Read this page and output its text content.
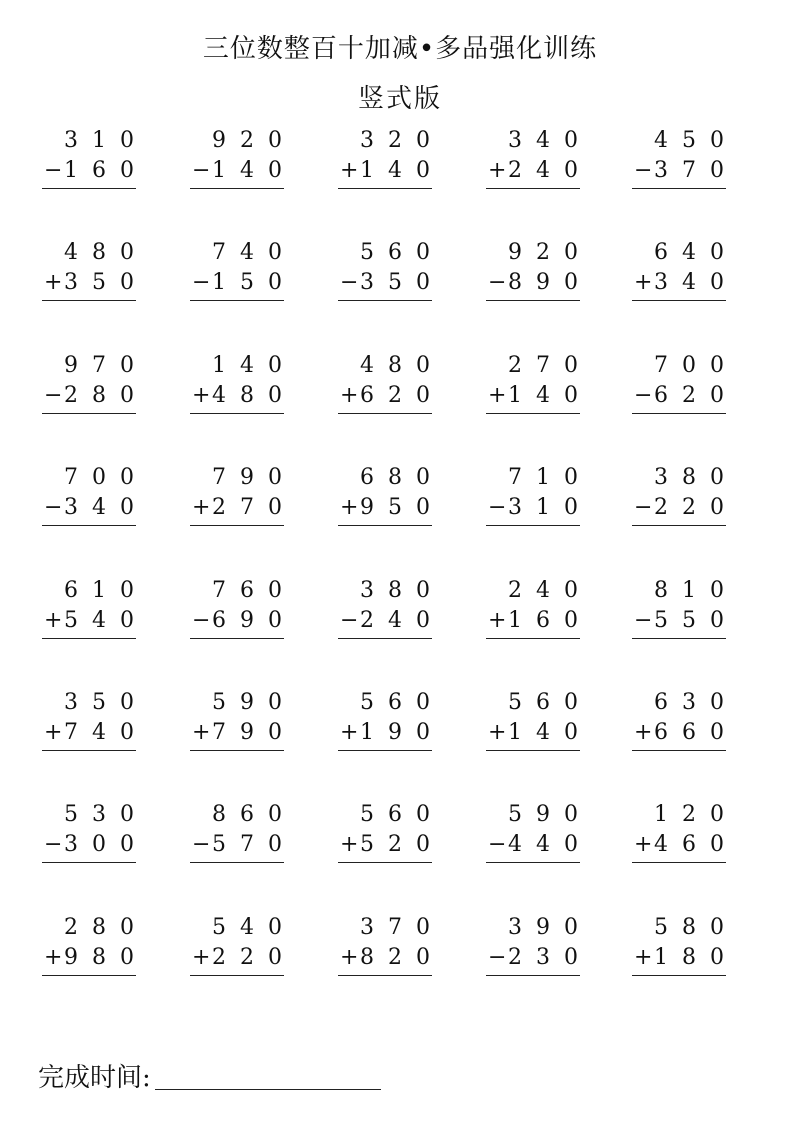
三位数整百十加减•多品强化训练
竖式版
3 1 0
− 1 6 0
9 2 0
− 1 4 0
3 2 0
+ 1 4 0
3 4 0
+ 2 4 0
4 5 0
− 3 7 0
4 8 0
+ 3 5 0
7 4 0
− 1 5 0
5 6 0
− 3 5 0
9 2 0
− 8 9 0
6 4 0
+ 3 4 0
9 7 0
− 2 8 0
1 4 0
+ 4 8 0
4 8 0
+ 6 2 0
2 7 0
+ 1 4 0
7 0 0
− 6 2 0
7 0 0
− 3 4 0
7 9 0
+ 2 7 0
6 8 0
+ 9 5 0
7 1 0
− 3 1 0
3 8 0
− 2 2 0
6 1 0
+ 5 4 0
7 6 0
− 6 9 0
3 8 0
− 2 4 0
2 4 0
+ 1 6 0
8 1 0
− 5 5 0
3 5 0
+ 7 4 0
5 9 0
+ 7 9 0
5 6 0
+ 1 9 0
5 6 0
+ 1 4 0
6 3 0
+ 6 6 0
5 3 0
− 3 0 0
8 6 0
− 5 7 0
5 6 0
+ 5 2 0
5 9 0
− 4 4 0
1 2 0
+ 4 6 0
2 8 0
+ 9 8 0
5 4 0
+ 2 2 0
3 7 0
+ 8 2 0
3 9 0
− 2 3 0
5 8 0
+ 1 8 0
完成时间:
